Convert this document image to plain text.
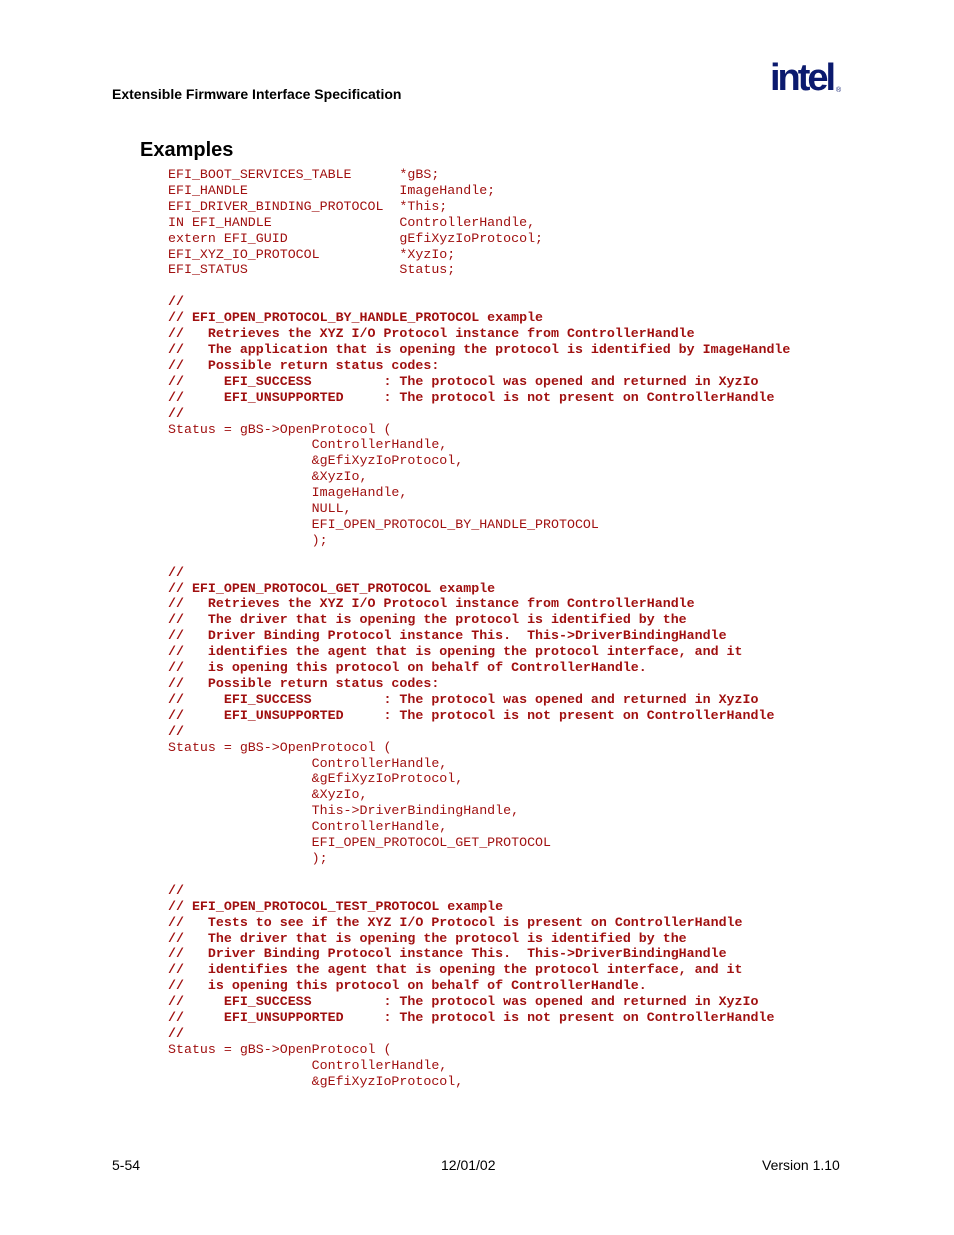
Extensible Firmware Interface Specification	intel ®
Examples
EFI_BOOT_SERVICES_TABLE      *gBS;
EFI_HANDLE                   ImageHandle;
EFI_DRIVER_BINDING_PROTOCOL  *This;
IN EFI_HANDLE                ControllerHandle,
extern EFI_GUID              gEfiXyzIoProtocol;
EFI_XYZ_IO_PROTOCOL          *XyzIo;
EFI_STATUS                   Status;
//
// EFI_OPEN_PROTOCOL_BY_HANDLE_PROTOCOL example
//   Retrieves the XYZ I/O Protocol instance from ControllerHandle
//   The application that is opening the protocol is identified by ImageHandle
//   Possible return status codes:
//     EFI_SUCCESS         : The protocol was opened and returned in XyzIo
//     EFI_UNSUPPORTED     : The protocol is not present on ControllerHandle
//
Status = gBS->OpenProtocol (
ControllerHandle,
&gEfiXyzIoProtocol,
&XyzIo,
ImageHandle,
NULL,
EFI_OPEN_PROTOCOL_BY_HANDLE_PROTOCOL
);
//
// EFI_OPEN_PROTOCOL_GET_PROTOCOL example
//   Retrieves the XYZ I/O Protocol instance from ControllerHandle
//   The driver that is opening the protocol is identified by the
//   Driver Binding Protocol instance This.  This->DriverBindingHandle
//   identifies the agent that is opening the protocol interface, and it
//   is opening this protocol on behalf of ControllerHandle.
//   Possible return status codes:
//     EFI_SUCCESS         : The protocol was opened and returned in XyzIo
//     EFI_UNSUPPORTED     : The protocol is not present on ControllerHandle
//
Status = gBS->OpenProtocol (
ControllerHandle,
&gEfiXyzIoProtocol,
&XyzIo,
This->DriverBindingHandle,
ControllerHandle,
EFI_OPEN_PROTOCOL_GET_PROTOCOL
);
//
// EFI_OPEN_PROTOCOL_TEST_PROTOCOL example
//   Tests to see if the XYZ I/O Protocol is present on ControllerHandle
//   The driver that is opening the protocol is identified by the
//   Driver Binding Protocol instance This.  This->DriverBindingHandle
//   identifies the agent that is opening the protocol interface, and it
//   is opening this protocol on behalf of ControllerHandle.
//     EFI_SUCCESS         : The protocol was opened and returned in XyzIo
//     EFI_UNSUPPORTED     : The protocol is not present on ControllerHandle
//
Status = gBS->OpenProtocol (
ControllerHandle,
&gEfiXyzIoProtocol,
5-54	12/01/02	Version 1.10
